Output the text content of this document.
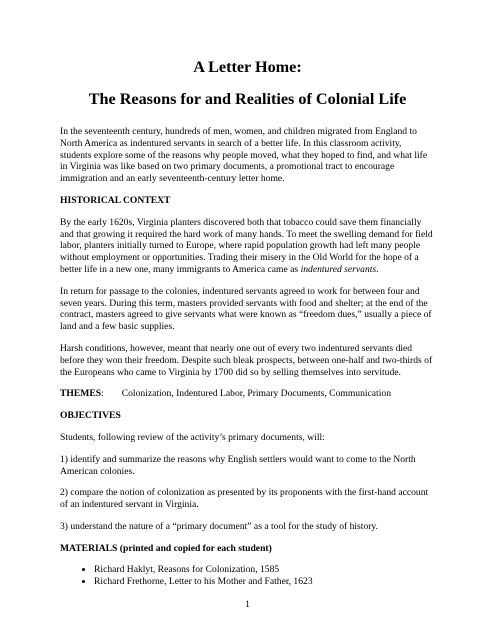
A Letter Home:
The Reasons for and Realities of Colonial Life

In the seventeenth century, hundreds of men, women, and children migrated from England to North America as indentured servants in search of a better life. In this classroom activity, students explore some of the reasons why people moved, what they hoped to find, and what life in Virginia was like based on two primary documents, a promotional tract to encourage immigration and an early seventeenth-century letter home.

HISTORICAL CONTEXT

By the early 1620s, Virginia planters discovered both that tobacco could save them financially and that growing it required the hard work of many hands. To meet the swelling demand for field labor, planters initially turned to Europe, where rapid population growth had left many people without employment or opportunities. Trading their misery in the Old World for the hope of a better life in a new one, many immigrants to America came as indentured servants.

In return for passage to the colonies, indentured servants agreed to work for between four and seven years. During this term, masters provided servants with food and shelter; at the end of the contract, masters agreed to give servants what were known as “freedom dues,” usually a piece of land and a few basic supplies.

Harsh conditions, however, meant that nearly one out of every two indentured servants died before they won their freedom. Despite such bleak prospects, between one-half and two-thirds of the Europeans who came to Virginia by 1700 did so by selling themselves into servitude.

THEMES: Colonization, Indentured Labor, Primary Documents, Communication

OBJECTIVES

Students, following review of the activity’s primary documents, will:

1) identify and summarize the reasons why English settlers would want to come to the North American colonies.

2) compare the notion of colonization as presented by its proponents with the first-hand account of an indentured servant in Virginia.

3) understand the nature of a “primary document” as a tool for the study of history.

MATERIALS (printed and copied for each student)
• Richard Haklyt, Reasons for Colonization, 1585
• Richard Frethorne, Letter to his Mother and Father, 1623
1
